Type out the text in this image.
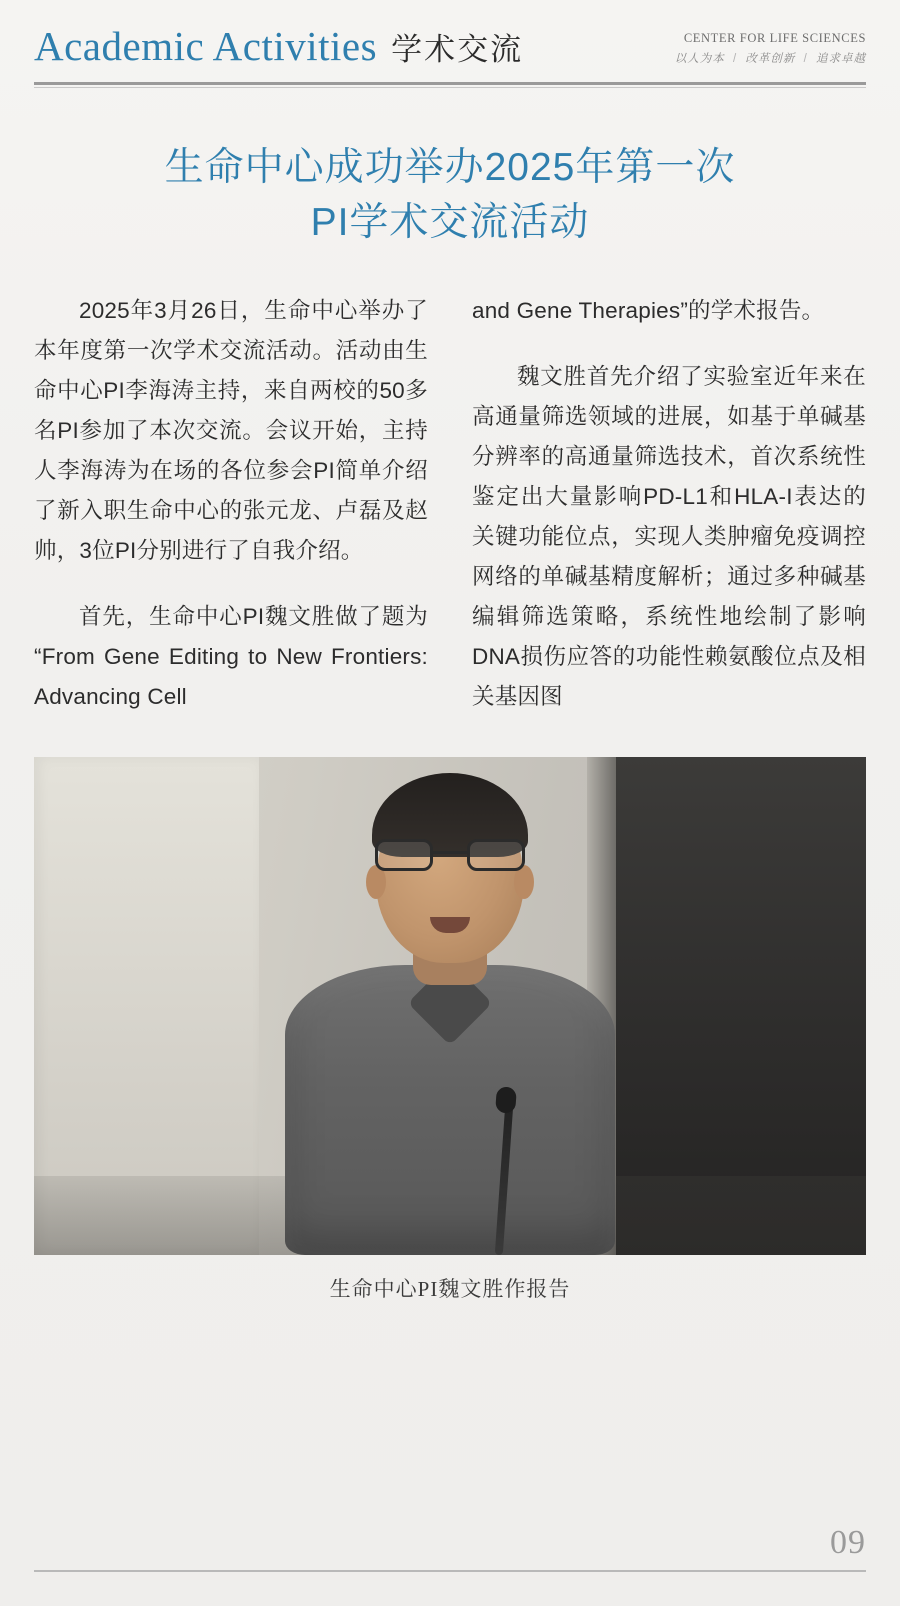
Academic Activities 学术交流	CENTER FOR LIFE SCIENCES
以人为本 / 改革创新 / 追求卓越
生命中心成功举办2025年第一次
PI学术交流活动

2025年3月26日，生命中心举办了本年度第一次学术交流活动。活动由生命中心PI李海涛主持，来自两校的50多名PI参加了本次交流。会议开始，主持人李海涛为在场的各位参会PI简单介绍了新入职生命中心的张元龙、卢磊及赵帅，3位PI分别进行了自我介绍。

首先，生命中心PI魏文胜做了题为“From Gene Editing to New Frontiers: Advancing Cell

and Gene Therapies”的学术报告。

魏文胜首先介绍了实验室近年来在高通量筛选领域的进展，如基于单碱基分辨率的高通量筛选技术，首次系统性鉴定出大量影响PD-L1和HLA-I表达的关键功能位点，实现人类肿瘤免疫调控网络的单碱基精度解析；通过多种碱基编辑筛选策略，系统性地绘制了影响DNA损伤应答的功能性赖氨酸位点及相关基因图

生命中心PI魏文胜作报告
09
